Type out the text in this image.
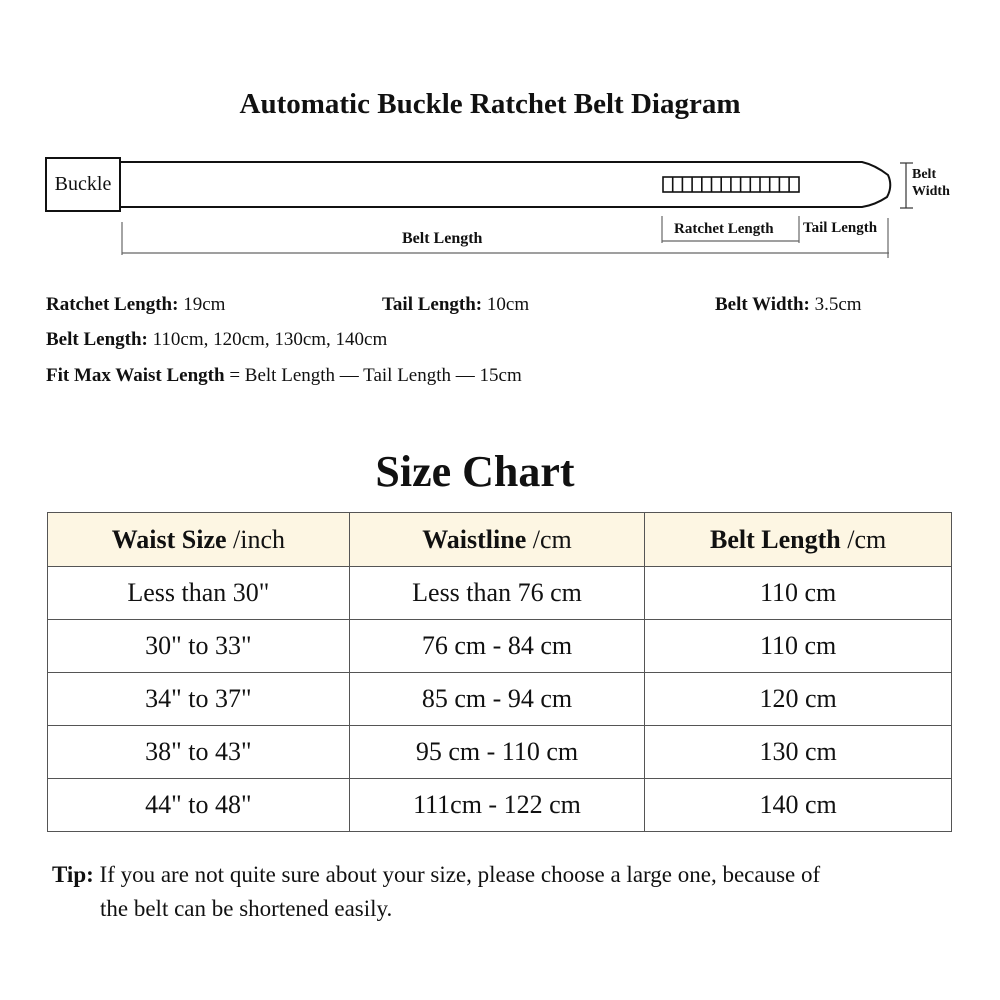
Automatic Buckle Ratchet Belt Diagram
Buckle
Belt Length
Ratchet Length Tail Length
Belt
Width
Ratchet Length: 19cm	Tail Length: 10cm	Belt Width: 3.5cm
Belt Length: 110cm, 120cm, 130cm, 140cm
Fit Max Waist Length = Belt Length — Tail Length — 15cm
Size Chart
Waist Size /inch	Waistline /cm	Belt Length /cm
Less than 30"	Less than 76 cm	110 cm
30" to 33"	76 cm - 84 cm	110 cm
34" to 37"	85 cm - 94 cm	120 cm
38" to 43"	95 cm - 110 cm	130 cm
44" to 48"	111cm - 122 cm	140 cm
Tip: If you are not quite sure about your size, please choose a large one, because of
the belt can be shortened easily.
